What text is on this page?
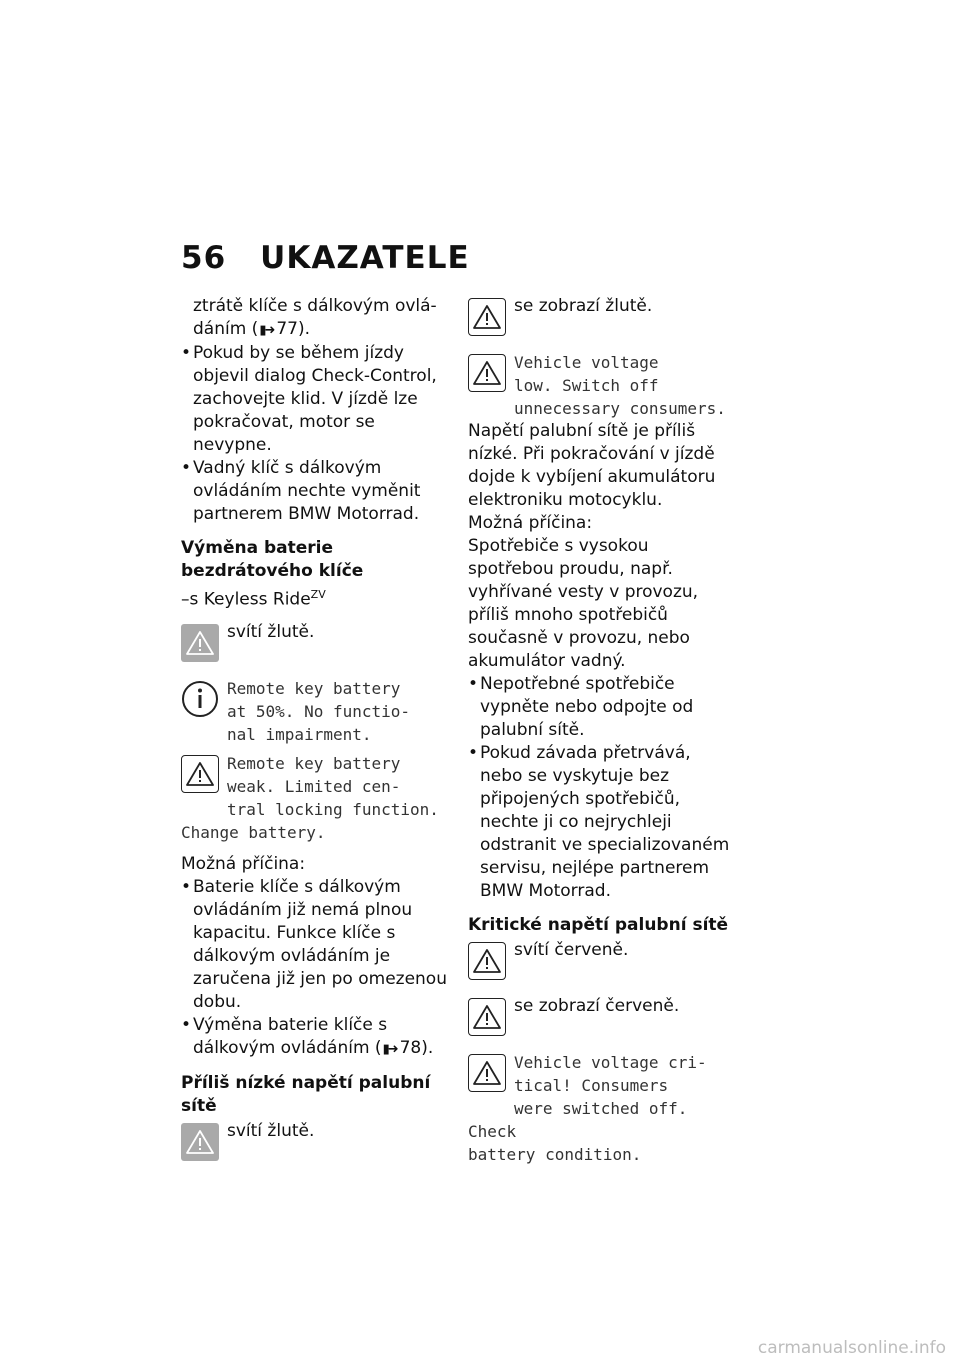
56 UKAZATELE

ztrátě klíče s dálkovým ovlá-
dáním (▮➜ 77).

• Pokud by se během jízdy objevil dialog Check-Control, zachovejte klid. V jízdě lze pokračovat, motor se nevypne.

• Vadný klíč s dálkovým ovládáním nechte vyměnit partnerem BMW Motorrad.

Výměna baterie bezdrátového klíče

–s Keyless Ride$^{ZV}$

svítí žlutě.
Remote key battery
at 50%. No functio-
nal impairment.
Remote key battery
weak. Limited cen-
tral locking function.
Change battery.

Možná příčina:

• Baterie klíče s dálkovým ovládáním již nemá plnou kapacitu. Funkce klíče s dálkovým ovládáním je zaručena již jen po omezenou dobu.

• Výměna baterie klíče s dálkovým ovládáním (▮➜ 78).

Příliš nízké napětí palubní sítě

svítí žlutě.
se zobrazí žlutě.
Vehicle voltage
low. Switch off
unnecessary consumers.

Napětí palubní sítě je příliš nízké. Při pokračování v jízdě dojde k vybíjení akumulátoru elektroniku motocyklu.

Možná příčina:

Spotřebiče s vysokou spotřebou proudu, např. vyhřívané vesty v provozu, příliš mnoho spotřebičů současně v provozu, nebo akumulátor vadný.

• Nepotřebné spotřebiče vypněte nebo odpojte od palubní sítě.

• Pokud závada přetrvává, nebo se vyskytuje bez připojených spotřebičů, nechte ji co nejrychleji odstranit ve specializovaném servisu, nejlépe partnerem BMW Motorrad.

Kritické napětí palubní sítě

svítí červeně.
se zobrazí červeně.
Vehicle voltage cri-
tical! Consumers
were switched off. Check
battery condition.
carmanualsonline.info
